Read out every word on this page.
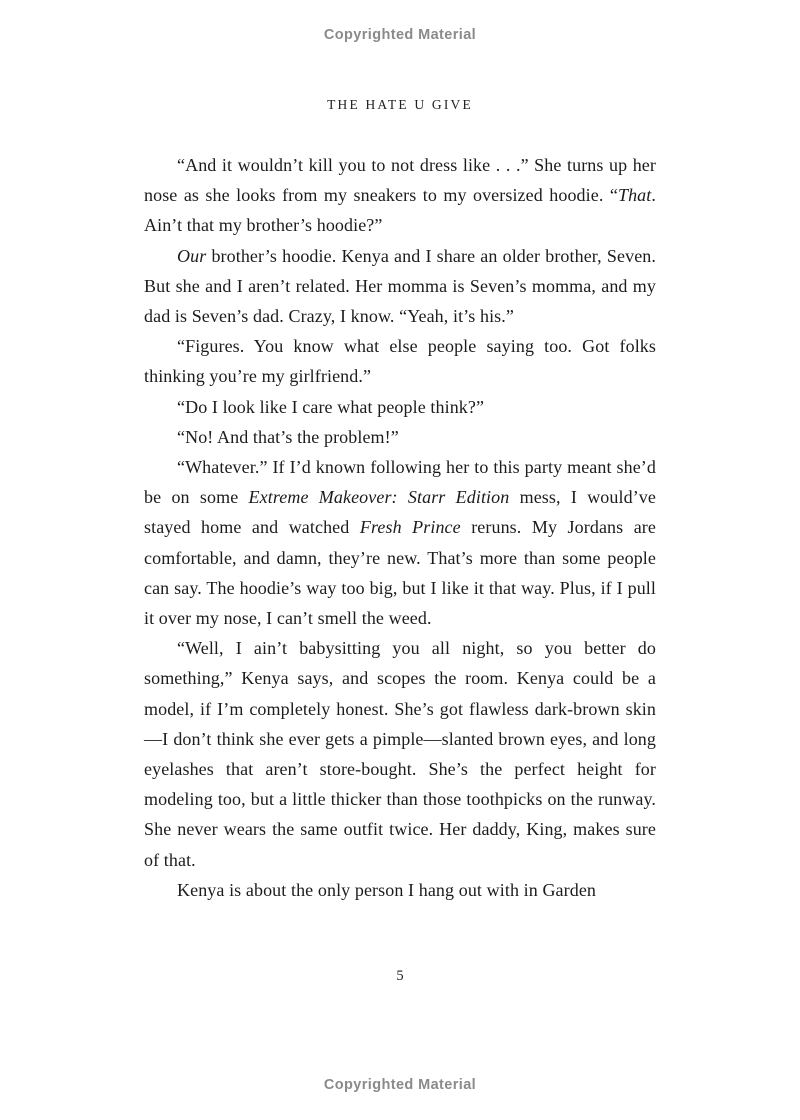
Copyrighted Material
THE HATE U GIVE

“And it wouldn’t kill you to not dress like . . .” She turns up her nose as she looks from my sneakers to my oversized hoodie. “That. Ain’t that my brother’s hoodie?”

Our brother’s hoodie. Kenya and I share an older brother, Seven. But she and I aren’t related. Her momma is Seven’s momma, and my dad is Seven’s dad. Crazy, I know. “Yeah, it’s his.”

“Figures. You know what else people saying too. Got folks thinking you’re my girlfriend.”

“Do I look like I care what people think?”

“No! And that’s the problem!”

“Whatever.” If I’d known following her to this party meant she’d be on some Extreme Makeover: Starr Edition mess, I would’ve stayed home and watched Fresh Prince reruns. My Jordans are comfortable, and damn, they’re new. That’s more than some people can say. The hoodie’s way too big, but I like it that way. Plus, if I pull it over my nose, I can’t smell the weed.

“Well, I ain’t babysitting you all night, so you better do something,” Kenya says, and scopes the room. Kenya could be a model, if I’m completely honest. She’s got flawless dark-brown skin—I don’t think she ever gets a pimple—slanted brown eyes, and long eyelashes that aren’t store-bought. She’s the perfect height for modeling too, but a little thicker than those toothpicks on the runway. She never wears the same outfit twice. Her daddy, King, makes sure of that.

Kenya is about the only person I hang out with in Garden

5
Copyrighted Material
